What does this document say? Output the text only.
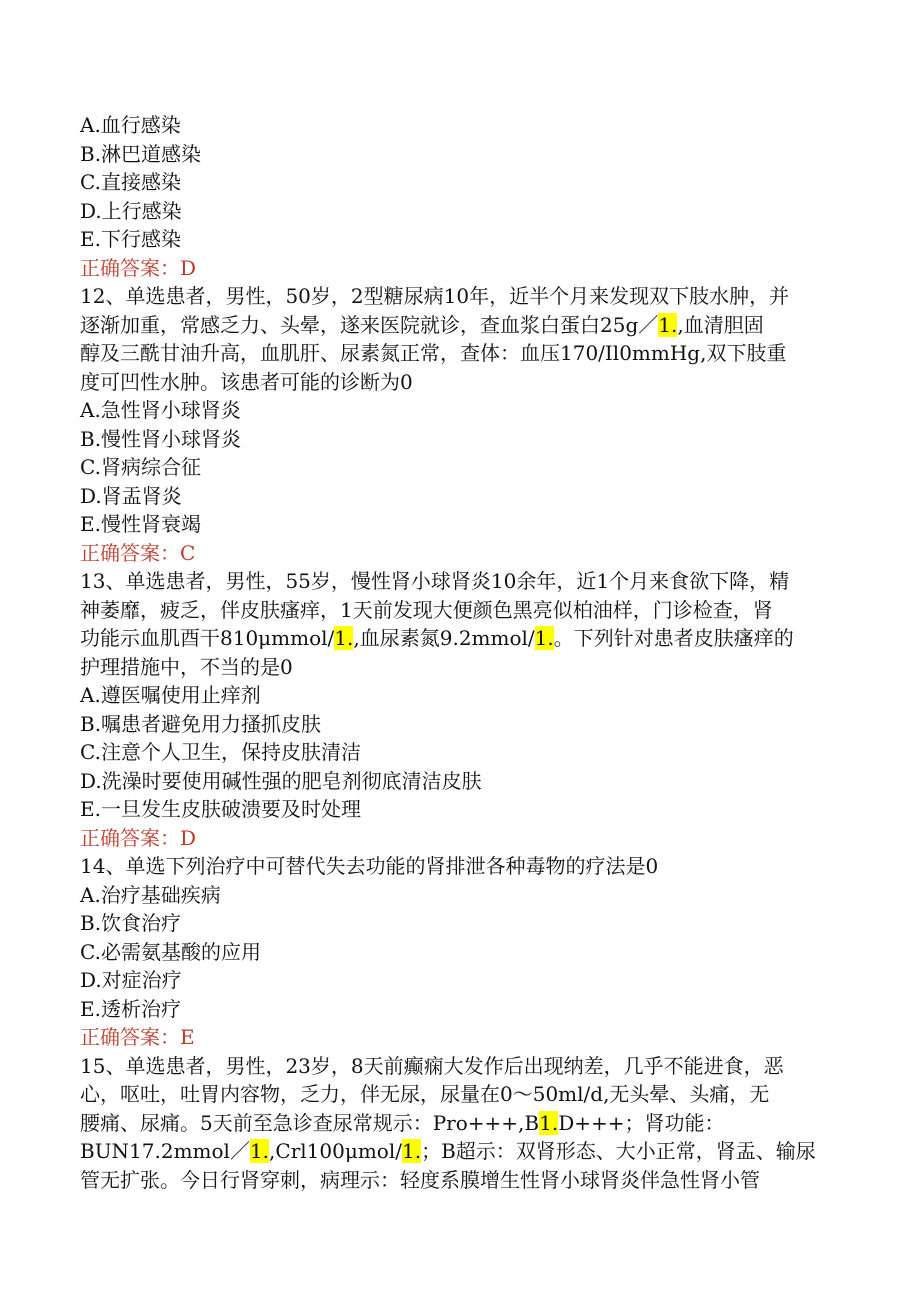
A.血行感染
B.淋巴道感染
C.直接感染
D.上行感染
E.下行感染
正确答案：D
12、单选患者，男性，50岁，2型糖尿病10年，近半个月来发现双下肢水肿，并
逐渐加重，常感乏力、头晕，遂来医院就诊，查血浆白蛋白25g／1.,血清胆固
醇及三酰甘油升高，血肌肝、尿素氮正常，查体：血压170/Il0mmHg,双下肢重
度可凹性水肿。该患者可能的诊断为0
A.急性肾小球肾炎
B.慢性肾小球肾炎
C.肾病综合征
D.肾盂肾炎
E.慢性肾衰竭
正确答案：C
13、单选患者，男性，55岁，慢性肾小球肾炎10余年，近1个月来食欲下降，精
神萎靡，疲乏，伴皮肤瘙痒，1天前发现大便颜色黑亮似柏油样，门诊检查，肾
功能示血肌酉干810μmmol/1.,血尿素氮9.2mmol/1.。下列针对患者皮肤瘙痒的
护理措施中，不当的是0
A.遵医嘱使用止痒剂
B.嘱患者避免用力搔抓皮肤
C.注意个人卫生，保持皮肤清洁
D.洗澡时要使用碱性强的肥皂剂彻底清洁皮肤
E.一旦发生皮肤破溃要及时处理
正确答案：D
14、单选下列治疗中可替代失去功能的肾排泄各种毒物的疗法是0
A.治疗基础疾病
B.饮食治疗
C.必需氨基酸的应用
D.对症治疗
E.透析治疗
正确答案：E
15、单选患者，男性，23岁，8天前癫痫大发作后出现纳差，几乎不能进食，恶
心，呕吐，吐胃内容物，乏力，伴无尿，尿量在0～50ml/d,无头晕、头痛，无
腰痛、尿痛。5天前至急诊查尿常规示：Pro+++,B1.D+++；肾功能：
BUN17.2mmol／1.,Crl100μmol/1.；B超示：双肾形态、大小正常，肾盂、输尿
管无扩张。今日行肾穿刺，病理示：轻度系膜增生性肾小球肾炎伴急性肾小管
